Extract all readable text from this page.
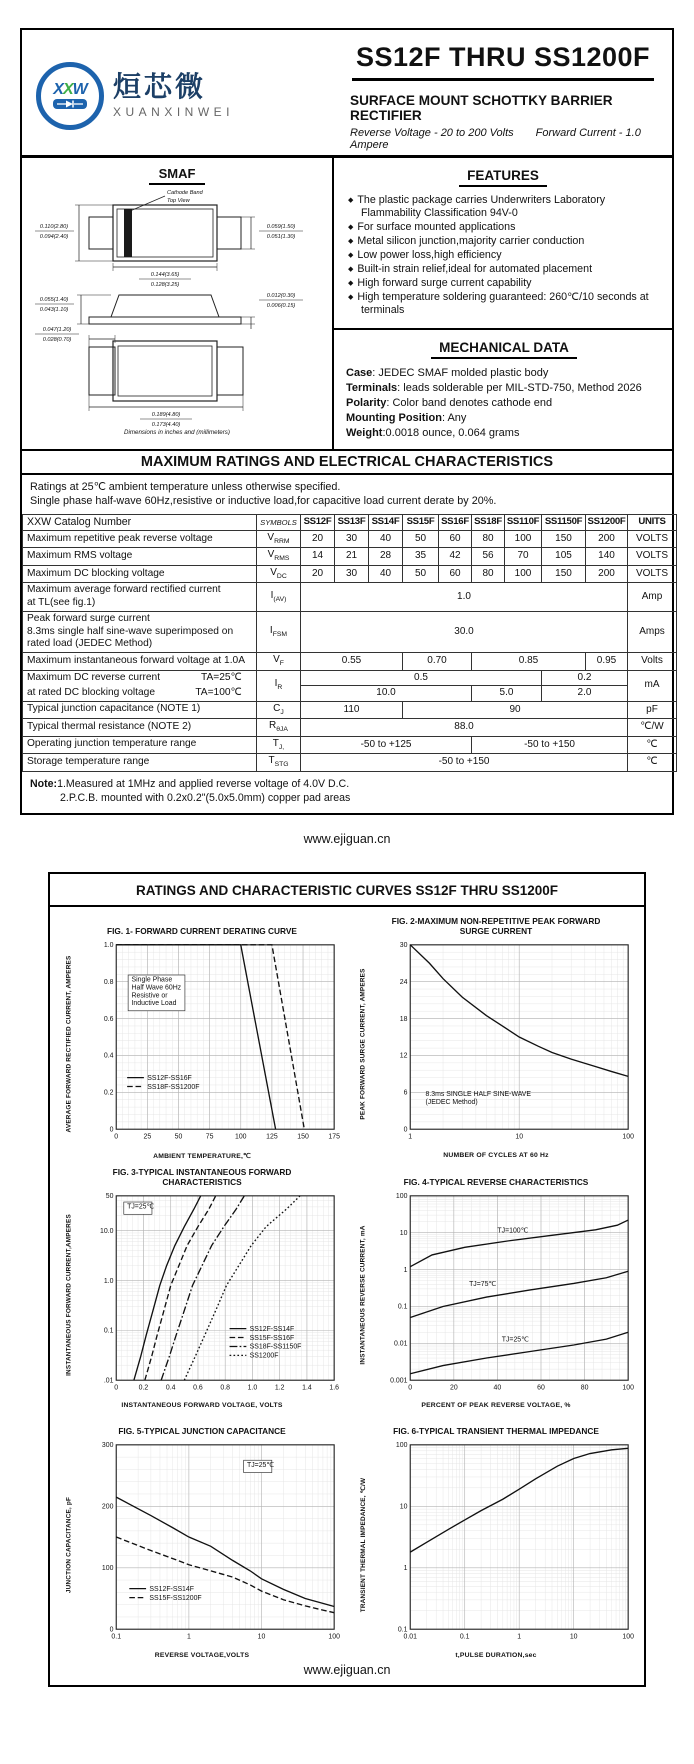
XXW 烜芯微
XUANXINWEI
SS12F THRU SS1200F
SURFACE MOUNT SCHOTTKY BARRIER RECTIFIER
Reverse Voltage - 20 to 200 Volts Forward Current - 1.0 Ampere
SMAF
Cathode Band
Top View
0.110(2.80)
0.094(2.40)
0.059(1.50)
0.051(1.30)
0.144(3.65)
0.128(3.25)
0.055(1.40)
0.043(1.10)
0.012(0.30)
0.006(0.15)
0.047(1.20)
0.028(0.70)
0.189(4.80)
0.173(4.40)
Dimensions in inches and (millimeters)
FEATURES
◆ The plastic package carries Underwriters Laboratory Flammability Classification 94V-0
◆ For surface mounted applications
◆ Metal silicon junction,majority carrier conduction
◆ Low power loss,high efficiency
◆ Built-in strain relief,ideal for automated placement
◆ High forward surge current capability
◆ High temperature soldering guaranteed: 260℃/10 seconds at terminals
MECHANICAL DATA
Case: JEDEC SMAF molded plastic body
Terminals: leads solderable per MIL-STD-750, Method 2026
Polarity: Color band denotes cathode end
Mounting Position: Any
Weight:0.0018 ounce, 0.064 grams
MAXIMUM RATINGS AND ELECTRICAL CHARACTERISTICS
Ratings at 25℃ ambient temperature unless otherwise specified.
Single phase half-wave 60Hz,resistive or inductive load,for capacitive load current derate by 20%.
XXW Catalog Number	SYMBOLS	SS12F	SS13F	SS14F	SS15F	SS16F	SS18F	SS110F	SS1150F	SS1200F	UNITS
Maximum repetitive peak reverse voltage	$V_{RRM}$	20	30	40	50	60	80	100	150	200	VOLTS
Maximum RMS voltage	$V_{RMS}$	14	21	28	35	42	56	70	105	140	VOLTS
Maximum DC blocking voltage	$V_{DC}$	20	30	40	50	60	80	100	150	200	VOLTS
Maximum average forward rectified current
at TL(see fig.1)	$I_{(AV)}$	1.0									Amp
Peak forward surge current
8.3ms single half sine-wave superimposed on
rated load (JEDEC Method)	$I_{FSM}$	30.0									Amps
Maximum instantaneous forward voltage at 1.0A	$V_F$	0.55			0.70		0.85			0.95	Volts

Maximum DC reverse current TA=25℃	$I_R$	0.5							0.2		mA

at rated DC blocking voltage TA=100℃		10.0					5.0		2.0		
Typical junction capacitance (NOTE 1)	$C_J$	110			90						pF
Typical thermal resistance (NOTE 2)	$R_{\theta JA}$	88.0									℃/W
Operating junction temperature range	$T_{J,}$	-50 to +125					-50 to +150				℃
Storage temperature range	$T_{STG}$	-50 to +150									℃
Note:1.Measured at 1MHz and applied reverse voltage of 4.0V D.C.
2.P.C.B. mounted with 0.2x0.2"(5.0x5.0mm) copper pad areas
www.ejiguan.cn
RATINGS AND CHARACTERISTIC CURVES SS12F THRU SS1200F
FIG. 1- FORWARD CURRENT DERATING CURVE
AVERAGE FORWARD RECTIFIED CURRENT, AMPERES
0	25	50	75	100	125	150	175
0
0.2
0.4
0.6
0.8
1.0
Single Phase
Half Wave 60Hz
Resistive or
Inductive Load
SS12F-SS16F
SS18F-SS1200F
AMBIENT TEMPERATURE,℃
FIG. 2-MAXIMUM NON-REPETITIVE PEAK FORWARD
SURGE CURRENT
PEAK FORWARD SURGE CURRENT, AMPERES
1	10	100
0
6
12
18
24
30
8.3ms SINGLE HALF SINE-WAVE
(JEDEC Method)
NUMBER OF CYCLES AT 60 Hz
FIG. 3-TYPICAL INSTANTANEOUS FORWARD
CHARACTERISTICS
INSTANTANEOUS FORWARD CURRENT,AMPERES
0	0.2	0.4	0.6	0.8	1.0	1.2	1.4	1.6
.01
0.1
1.0
10.0
50
TJ=25℃
SS12F-SS14F
SS15F-SS16F
SS18F-SS1150F
SS1200F
INSTANTANEOUS FORWARD VOLTAGE, VOLTS
FIG. 4-TYPICAL REVERSE CHARACTERISTICS
INSTANTANEOUS REVERSE CURRENT, mA
0	20	40	60	80	100
0.001
0.01
0.1
1
10
100
TJ=100℃
TJ=75℃
TJ=25℃
PERCENT OF PEAK REVERSE VOLTAGE, %
FIG. 5-TYPICAL JUNCTION CAPACITANCE
JUNCTION CAPACITANCE, pF
0.1	1	10	100
0
100
200
300
TJ=25℃
SS12F-SS14F
SS15F-SS1200F
REVERSE VOLTAGE,VOLTS
FIG. 6-TYPICAL TRANSIENT THERMAL IMPEDANCE
TRANSIENT THERMAL IMPEDANCE, ℃/W
0.01	0.1	1	10	100
0.1
1
10
100
t,PULSE DURATION,sec
www.ejiguan.cn
